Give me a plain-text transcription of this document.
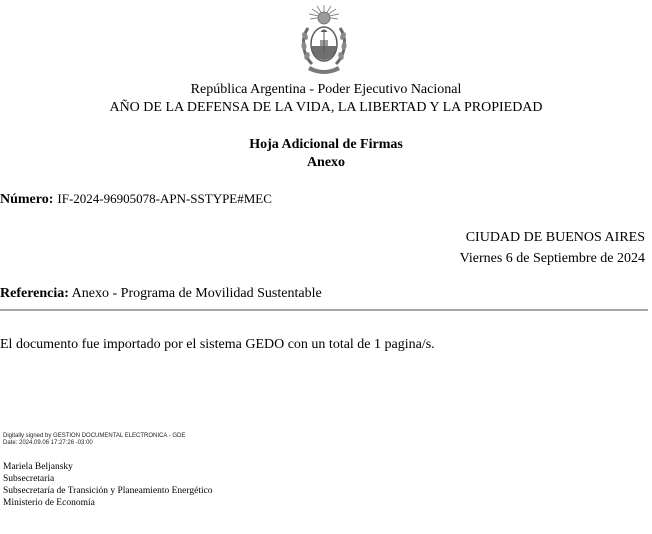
República Argentina - Poder Ejecutivo Nacional
AÑO DE LA DEFENSA DE LA VIDA, LA LIBERTAD Y LA PROPIEDAD
Hoja Adicional de Firmas
Anexo
Número: IF-2024-96905078-APN-SSTYPE#MEC
CIUDAD DE BUENOS AIRES
Viernes 6 de Septiembre de 2024
Referencia: Anexo - Programa de Movilidad Sustentable
El documento fue importado por el sistema GEDO con un total de 1 pagina/s.
Digitally signed by GESTION DOCUMENTAL ELECTRONICA - GDE
Date: 2024.09.06 17:27:26 -03:00
Mariela Beljansky
Subsecretaria
Subsecretaría de Transición y Planeamiento Energético
Ministerio de Economía
